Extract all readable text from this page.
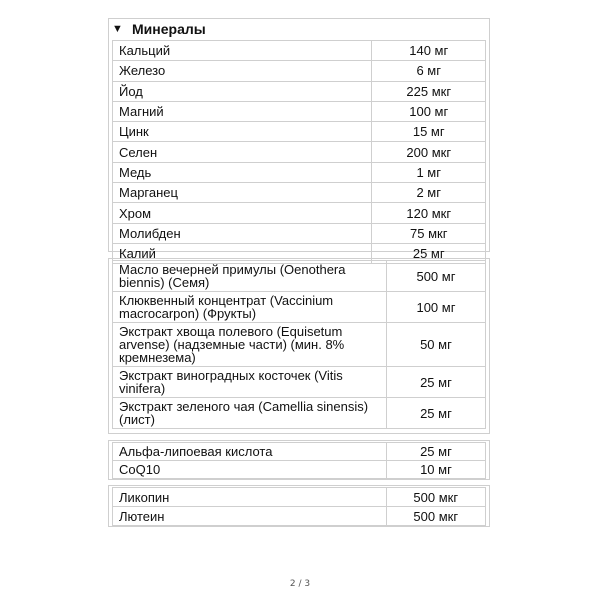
▼ Минералы
Кальций	140 мг
Железо	6 мг
Йод	225 мкг
Магний	100 мг
Цинк	15 мг
Селен	200 мкг
Медь	1 мг
Марганец	2 мг
Хром	120 мкг
Молибден	75 мкг
Калий	25 мг
Масло вечерней примулы (Oenothera biennis) (Семя)	500 мг
Клюквенный концентрат (Vaccinium macrocarpon) (Фрукты)	100 мг
Экстракт хвоща полевого (Equisetum arvense) (надземные части) (мин. 8% кремнезема)	50 мг
Экстракт виноградных косточек (Vitis vinifera)	25 мг
Экстракт зеленого чая (Camellia sinensis) (лист)	25 мг
Альфа-липоевая кислота	25 мг
CoQ10	10 мг
Ликопин	500 мкг
Лютеин	500 мкг
2 / 3
